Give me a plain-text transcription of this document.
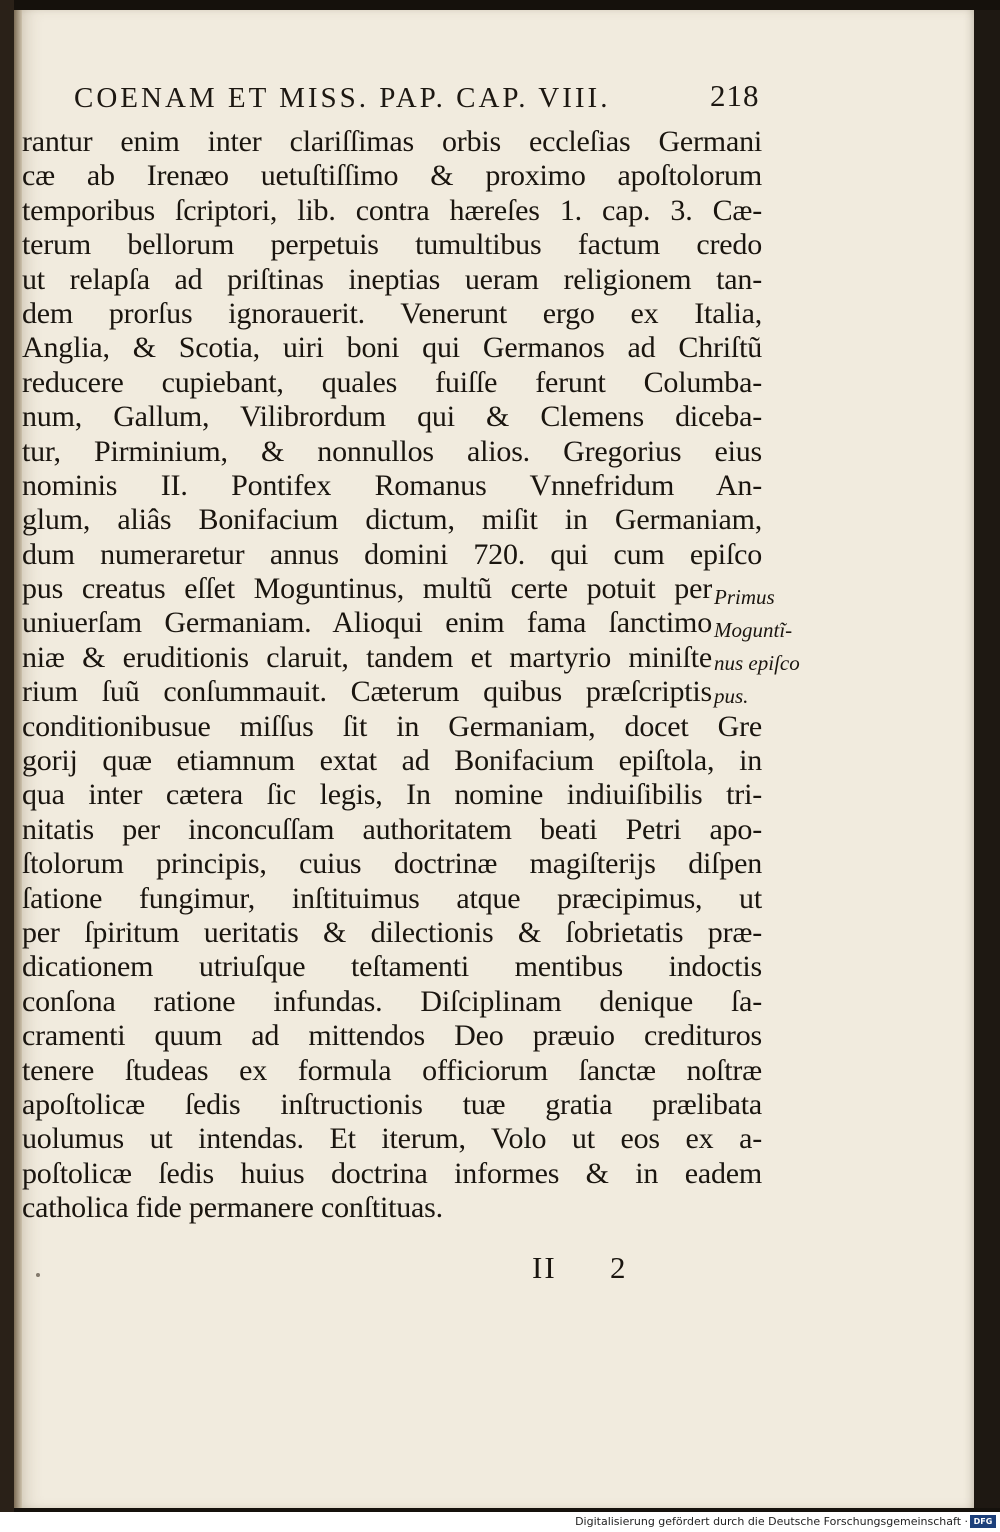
COENAM ET MISS. PAP. CAP. VIII.	218
rantur enim inter clariſſimas orbis eccleſias Germani
cæ ab Irenæo uetuſtiſſimo & proximo apoſtolorum
temporibus ſcriptori, lib. contra hæreſes 1. cap. 3. Cæ-
terum bellorum perpetuis tumultibus factum credo
ut relapſa ad priſtinas ineptias ueram religionem tan-
dem prorſus ignorauerit. Venerunt ergo ex Italia,
Anglia, & Scotia, uiri boni qui Germanos ad Chriſtũ
reducere cupiebant, quales fuiſſe ferunt Columba-
num, Gallum, Vilibrordum qui & Clemens diceba-
tur, Pirminium, & nonnullos alios. Gregorius eius
nominis II. Pontifex Romanus Vnnefridum An-
glum, aliâs Bonifacium dictum, miſit in Germaniam,
dum numeraretur annus domini 720. qui cum epiſco
pus creatus eſſet Moguntinus, multũ certe potuit per
uniuerſam Germaniam. Alioqui enim fama ſanctimo
niæ & eruditionis claruit, tandem et martyrio miniſte
rium ſuũ conſummauit. Cæterum quibus præſcriptis
conditionibusue miſſus ſit in Germaniam, docet Gre
gorij quæ etiamnum extat ad Bonifacium epiſtola, in
qua inter cætera ſic legis, In nomine indiuiſibilis tri-
nitatis per inconcuſſam authoritatem beati Petri apo-
ſtolorum principis, cuius doctrinæ magiſterijs diſpen
ſatione fungimur, inſtituimus atque præcipimus, ut
per ſpiritum ueritatis & dilectionis & ſobrietatis præ-
dicationem utriuſque teſtamenti mentibus indoctis
conſona ratione infundas. Diſciplinam denique ſa-
cramenti quum ad mittendos Deo præuio credituros
tenere ſtudeas ex formula officiorum ſanctæ noſtræ
apoſtolicæ ſedis inſtructionis tuæ gratia prælibata
uolumus ut intendas. Et iterum, Volo ut eos ex a-
poſtolicæ ſedis huius doctrina informes & in eadem
catholica fide permanere conſtituas.
Primus
Moguntĩ-
nus epiſco
pus.
II 2
Digitalisierung gefördert durch die Deutsche Forschungsgemeinschaft · DFG
